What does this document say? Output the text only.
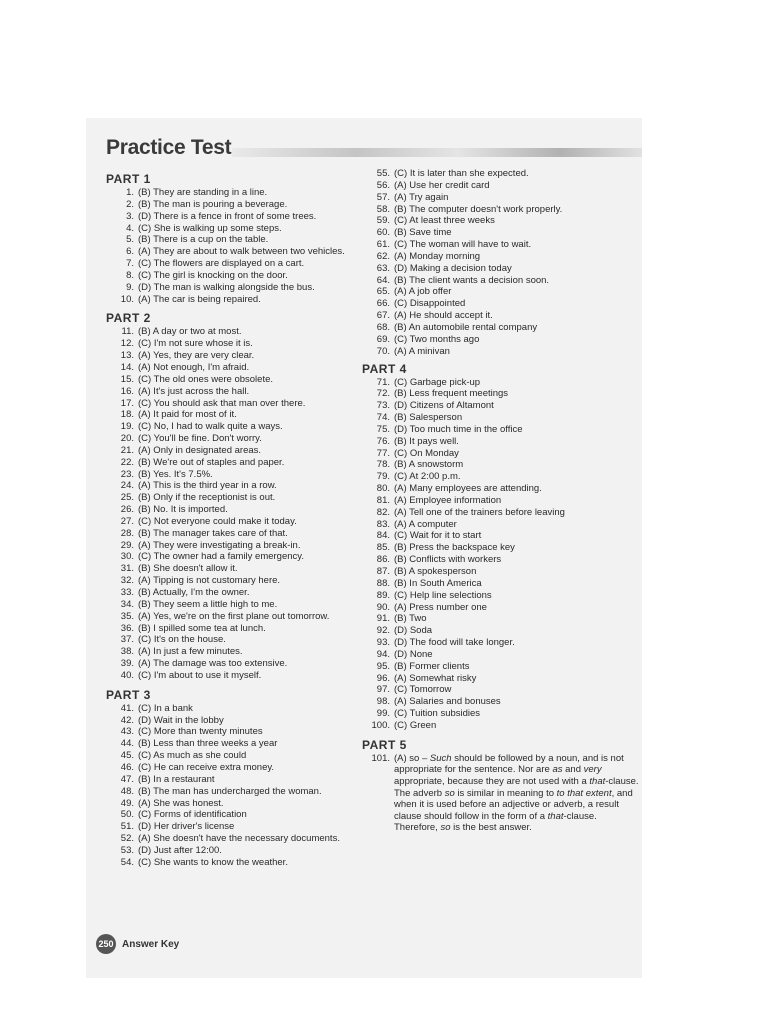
Practice Test
PART 1
1. (B) They are standing in a line.
2. (B) The man is pouring a beverage.
3. (D) There is a fence in front of some trees.
4. (C) She is walking up some steps.
5. (B) There is a cup on the table.
6. (A) They are about to walk between two vehicles.
7. (C) The flowers are displayed on a cart.
8. (C) The girl is knocking on the door.
9. (D) The man is walking alongside the bus.
10. (A) The car is being repaired.
PART 2
11. (B) A day or two at most.
12. (C) I'm not sure whose it is.
13. (A) Yes, they are very clear.
14. (A) Not enough, I'm afraid.
15. (C) The old ones were obsolete.
16. (A) It's just across the hall.
17. (C) You should ask that man over there.
18. (A) It paid for most of it.
19. (C) No, I had to walk quite a ways.
20. (C) You'll be fine. Don't worry.
21. (A) Only in designated areas.
22. (B) We're out of staples and paper.
23. (B) Yes. It's 7.5%.
24. (A) This is the third year in a row.
25. (B) Only if the receptionist is out.
26. (B) No. It is imported.
27. (C) Not everyone could make it today.
28. (B) The manager takes care of that.
29. (A) They were investigating a break-in.
30. (C) The owner had a family emergency.
31. (B) She doesn't allow it.
32. (A) Tipping is not customary here.
33. (B) Actually, I'm the owner.
34. (B) They seem a little high to me.
35. (A) Yes, we're on the first plane out tomorrow.
36. (B) I spilled some tea at lunch.
37. (C) It's on the house.
38. (A) In just a few minutes.
39. (A) The damage was too extensive.
40. (C) I'm about to use it myself.
PART 3
41. (C) In a bank
42. (D) Wait in the lobby
43. (C) More than twenty minutes
44. (B) Less than three weeks a year
45. (C) As much as she could
46. (C) He can receive extra money.
47. (B) In a restaurant
48. (B) The man has undercharged the woman.
49. (A) She was honest.
50. (C) Forms of identification
51. (D) Her driver's license
52. (A) She doesn't have the necessary documents.
53. (D) Just after 12:00.
54. (C) She wants to know the weather.
55. (C) It is later than she expected.
56. (A) Use her credit card
57. (A) Try again
58. (B) The computer doesn't work properly.
59. (C) At least three weeks
60. (B) Save time
61. (C) The woman will have to wait.
62. (A) Monday morning
63. (D) Making a decision today
64. (B) The client wants a decision soon.
65. (A) A job offer
66. (C) Disappointed
67. (A) He should accept it.
68. (B) An automobile rental company
69. (C) Two months ago
70. (A) A minivan
PART 4
71. (C) Garbage pick-up
72. (B) Less frequent meetings
73. (D) Citizens of Altamont
74. (B) Salesperson
75. (D) Too much time in the office
76. (B) It pays well.
77. (C) On Monday
78. (B) A snowstorm
79. (C) At 2:00 p.m.
80. (A) Many employees are attending.
81. (A) Employee information
82. (A) Tell one of the trainers before leaving
83. (A) A computer
84. (C) Wait for it to start
85. (B) Press the backspace key
86. (B) Conflicts with workers
87. (B) A spokesperson
88. (B) In South America
89. (C) Help line selections
90. (A) Press number one
91. (B) Two
92. (D) Soda
93. (D) The food will take longer.
94. (D) None
95. (B) Former clients
96. (A) Somewhat risky
97. (C) Tomorrow
98. (A) Salaries and bonuses
99. (C) Tuition subsidies
100. (C) Green
PART 5
101. (A) so – Such should be followed by a noun, and is not appropriate for the sentence. Nor are as and very appropriate, because they are not used with a that-clause. The adverb so is similar in meaning to to that extent, and when it is used before an adjective or adverb, a result clause should follow in the form of a that-clause. Therefore, so is the best answer.
250 Answer Key
